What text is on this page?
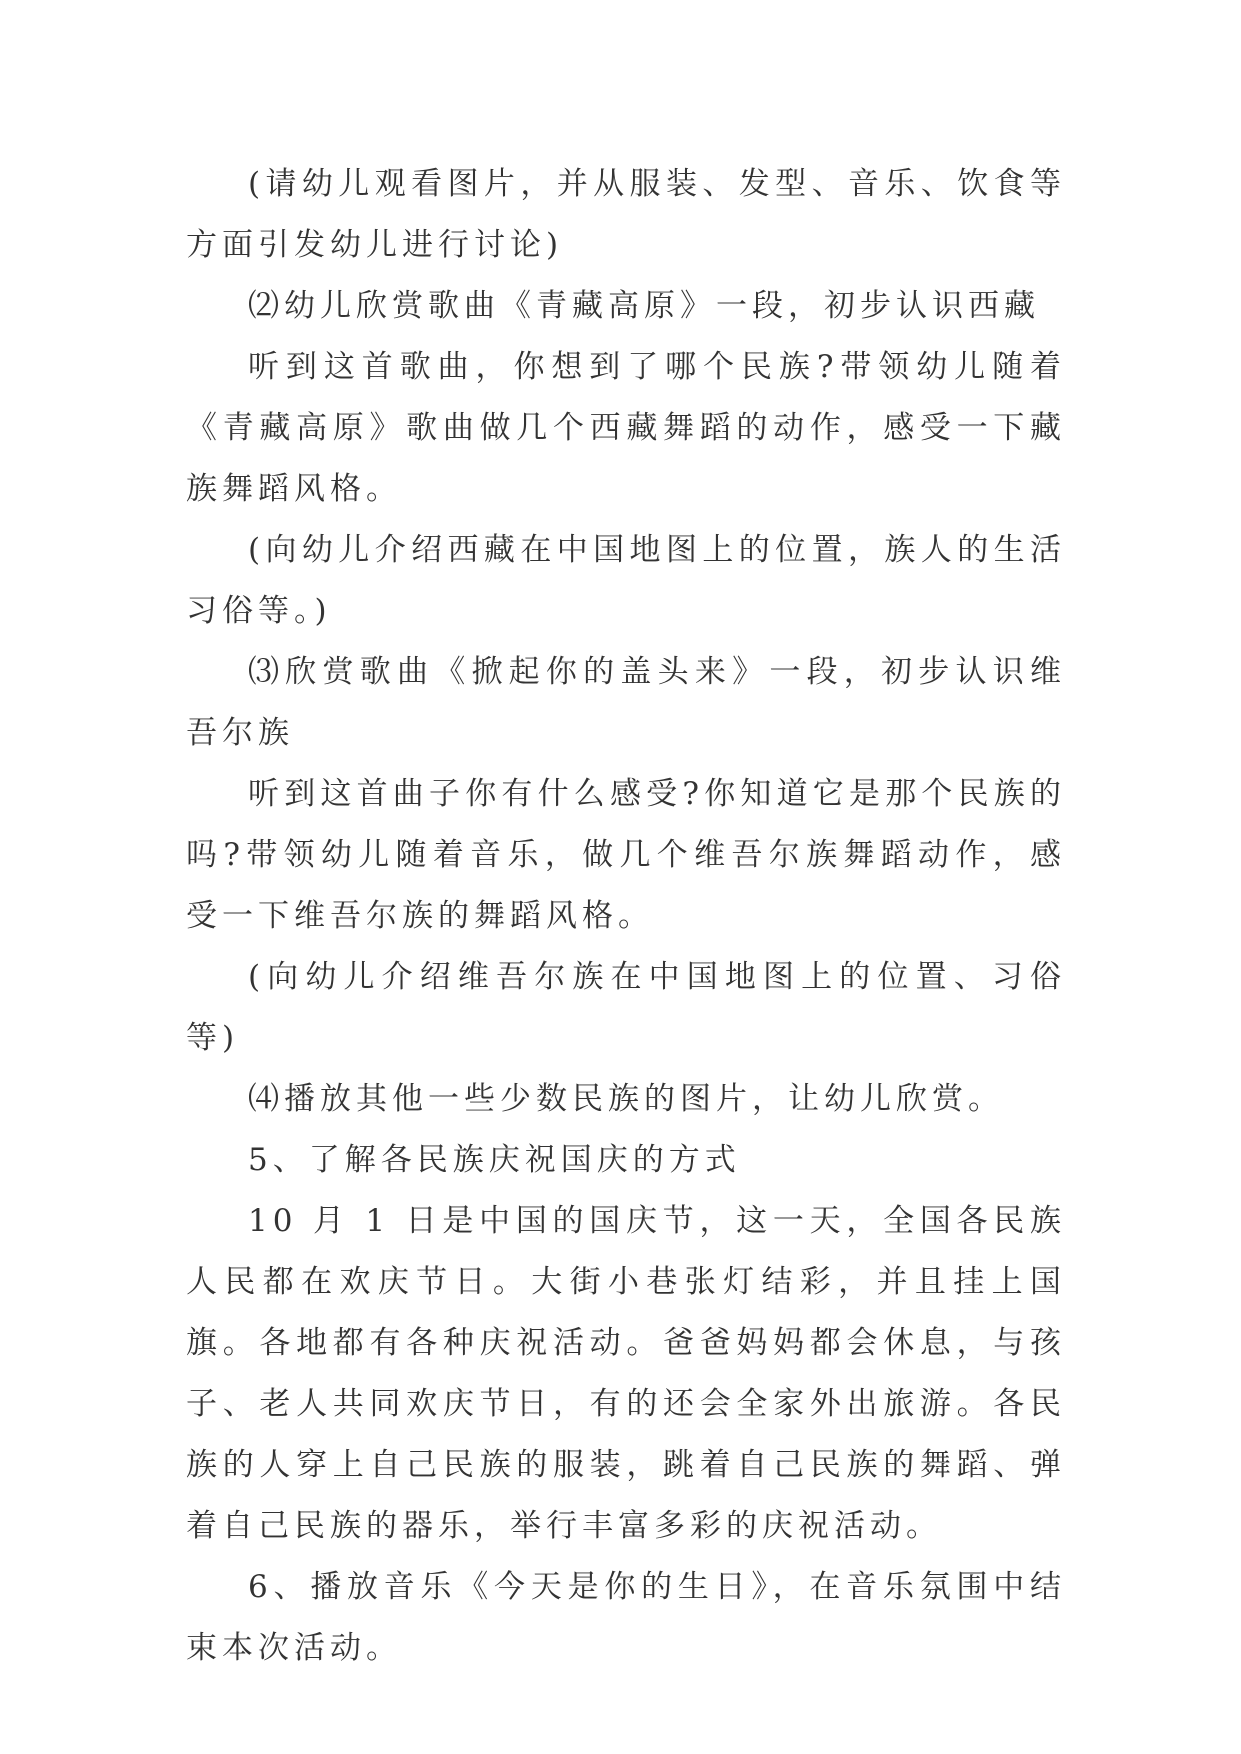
(请幼儿观看图片，并从服装、发型、音乐、饮食等方面引发幼儿进行讨论)

⑵幼儿欣赏歌曲《青藏高原》一段，初步认识西藏

听到这首歌曲，你想到了哪个民族?带领幼儿随着《青藏高原》歌曲做几个西藏舞蹈的动作，感受一下藏族舞蹈风格。

(向幼儿介绍西藏在中国地图上的位置，族人的生活习俗等。)

⑶欣赏歌曲《掀起你的盖头来》一段，初步认识维吾尔族

听到这首曲子你有什么感受?你知道它是那个民族的吗?带领幼儿随着音乐，做几个维吾尔族舞蹈动作，感受一下维吾尔族的舞蹈风格。

(向幼儿介绍维吾尔族在中国地图上的位置、习俗等)

⑷播放其他一些少数民族的图片，让幼儿欣赏。

5、了解各民族庆祝国庆的方式

10 月 1 日是中国的国庆节，这一天，全国各民族人民都在欢庆节日。大街小巷张灯结彩，并且挂上国旗。各地都有各种庆祝活动。爸爸妈妈都会休息，与孩子、老人共同欢庆节日，有的还会全家外出旅游。各民族的人穿上自己民族的服装，跳着自己民族的舞蹈、弹着自己民族的器乐，举行丰富多彩的庆祝活动。

6、播放音乐《今天是你的生日》，在音乐氛围中结束本次活动。
